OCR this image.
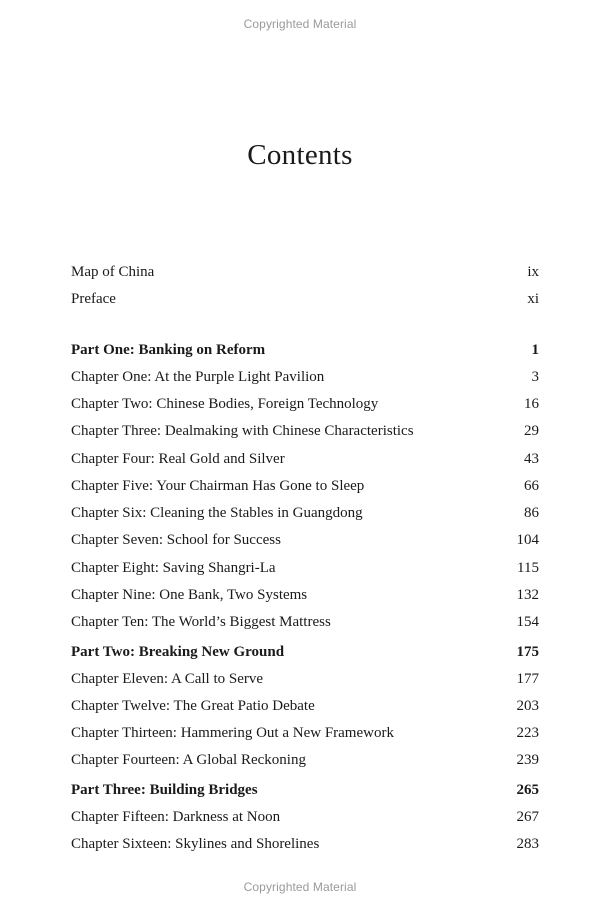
Copyrighted Material
Contents
Map of China	ix
Preface	xi
Part One: Banking on Reform	1
Chapter One: At the Purple Light Pavilion	3
Chapter Two: Chinese Bodies, Foreign Technology	16
Chapter Three: Dealmaking with Chinese Characteristics	29
Chapter Four: Real Gold and Silver	43
Chapter Five: Your Chairman Has Gone to Sleep	66
Chapter Six: Cleaning the Stables in Guangdong	86
Chapter Seven: School for Success	104
Chapter Eight: Saving Shangri-La	115
Chapter Nine: One Bank, Two Systems	132
Chapter Ten: The World’s Biggest Mattress	154
Part Two: Breaking New Ground	175
Chapter Eleven: A Call to Serve	177
Chapter Twelve: The Great Patio Debate	203
Chapter Thirteen: Hammering Out a New Framework	223
Chapter Fourteen: A Global Reckoning	239
Part Three: Building Bridges	265
Chapter Fifteen: Darkness at Noon	267
Chapter Sixteen: Skylines and Shorelines	283
Copyrighted Material
